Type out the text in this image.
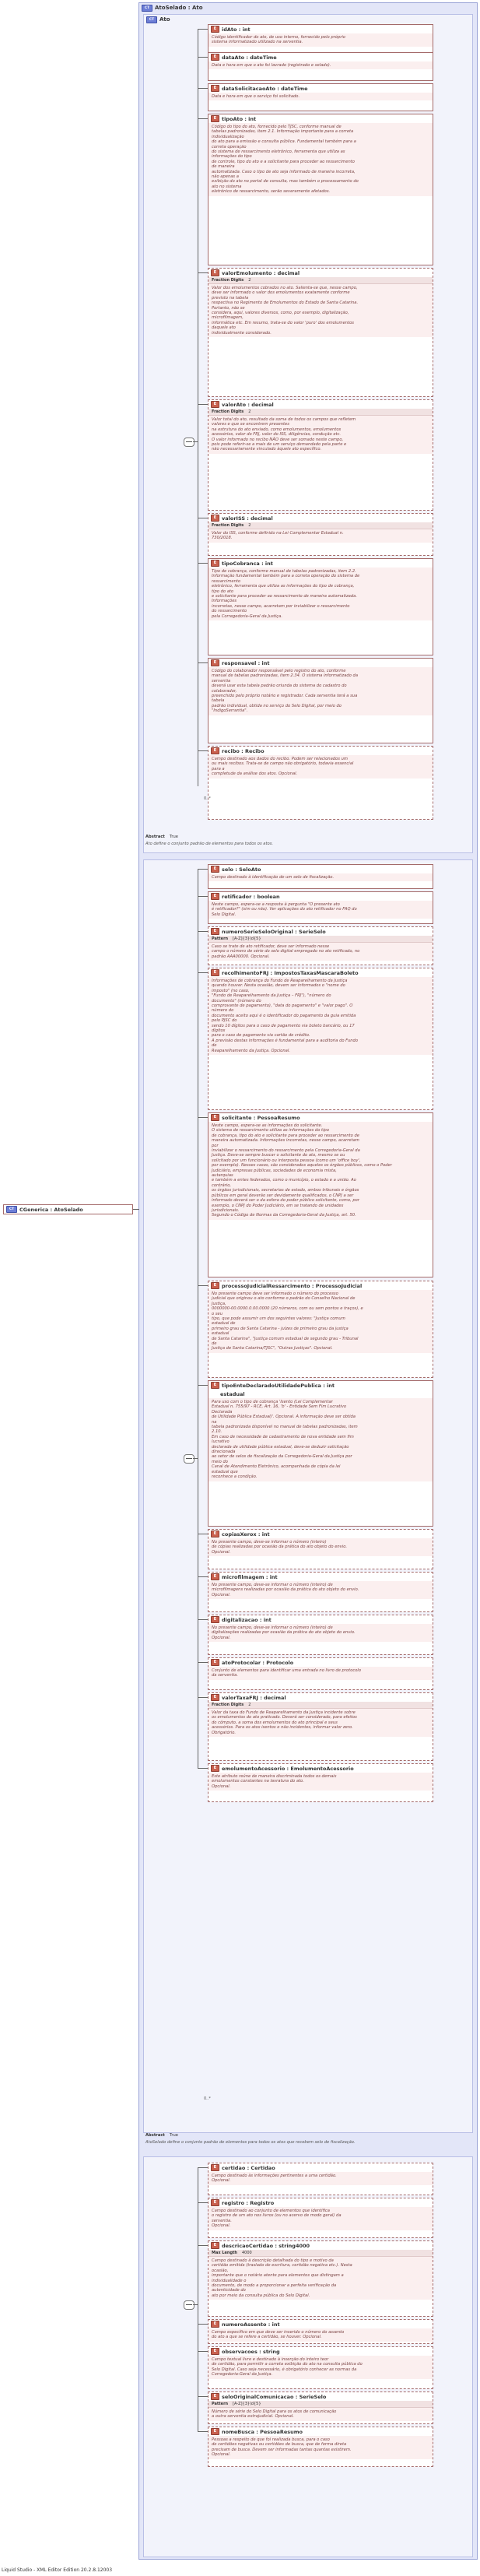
CT AtoSelado : Ato
CT Ato
Abstract True
Ato define o conjunto padrão de elementos para todos os atos.
CT	CGenerica : AtoSelado
Abstract True
AtoSelado define o conjunto padrão de elementos para todos os atos que recebem selo de fiscalização.
E	idAto : int
Código identificador do ato, de uso interno, fornecido pelo próprio
sistema informatizado utilizado na serventia.
E	dataAto : dateTime
Data e hora em que o ato foi lavrado (registrado e selado).
E	dataSolicitacaoAto : dateTime
Data e hora em que o serviço foi solicitado.
E	tipoAto : int
Código do tipo do ato, fornecido pelo TJSC, conforme manual de
tabelas padronizadas, item 2.1. Informação importante para a correta
individualização
do ato para a emissão e consulta pública. Fundamental também para a
correta operação
do sistema de ressarcimento eletrônico, ferramenta que utiliza as
informações do tipo
de controle, tipo do ato e a solicitante para proceder ao ressarcimento
de maneira
automatizada. Caso o tipo de ato seja informado de maneira incorreta,
não apenas a
exibição do ato no portal de consulta, mas também o processamento do
ato no sistema
eletrônico de ressarcimento, serão severamente afetados.
E	valorEmolumento : decimal
Fraction Digits 2
Valor dos emolumentos cobrados no ato. Salienta-se que, nesse campo,
deve ser informado o valor dos emolumentos exatamente conforme
previsto na tabela
respectiva no Regimento de Emolumentos do Estado de Santa Catarina.
Portanto, não se
considera, aqui, valores diversos, como, por exemplo, digitalização,
microfilmagem,
informática etc. Em resumo, trata-se do valor 'puro' dos emolumentos
daquele ato
individualmente considerado.
E	valorAto : decimal
Fraction Digits 2
Valor total do ato, resultado da soma de todos os campos que refletem
valores e que se encontrem presentes
na estrutura do ato enviado, como emolumentos, emolumentos
acessórios, valor do FRJ, valor do ISS, diligências, condução etc.
O valor informado no recibo NÃO deve ser somado neste campo,
pois pode referir-se a mais de um serviço demandado pela parte e
não necessariamente vinculado àquele ato específico.
E	valorISS : decimal
Fraction Digits 2
Valor do ISS, conforme definido na Lei Complementar Estadual n.
730/2018.
E	tipoCobranca : int
Tipo de cobrança, conforme manual de tabelas padronizadas, item 2.2.
Informação fundamental também para a correta operação do sistema de
ressarcimento
eletrônico, ferramenta que utiliza as informações do tipo de cobrança,
tipo do ato
e solicitante para proceder ao ressarcimento de maneira automatizada.
Informações
incorretas, nesse campo, acarretam por inviabilizar o ressarcimento
do ressarcimento
pela Corregedoria-Geral da Justiça.
E	responsavel : int
Código do colaborador responsável pelo registro do ato, conforme
manual de tabelas padronizadas, item 2.34. O sistema informatizado da
serventia
deverá usar esta tabela padrão oriunda do sistema do cadastro do
colaborador,
preenchido pelo próprio notário e registrador. Cada serventia terá a sua
tabela
padrão individual, obtida no serviço do Selo Digital, por meio do
"IndigoSerrantia".
E	recibo : Recibo
Campo destinado aos dados do recibo. Podem ser relacionados um
ou mais recibos. Trata-se de campo não obrigatório, todavia essencial
para a
completude da análise dos atos. Opcional.
E	selo : SeloAto
Campo destinado à identificação de um selo de fiscalização.
E	retificador : boolean
Neste campo, espera-se a resposta à pergunta "O presente ato
é retificador?" (sim ou não). Ver aplicações do ato retificador no FAQ do
Selo Digital.
E	numeroSerieSeloOriginal : SerieSelo
Pattern [A-Z]{3}\d{5}
Caso se trate de ato retificador, deve ser informado nesse
campo o número de série do selo digital empregado no ato retificado, no
padrão AAA00000. Opcional.
E	recolhimentoFRJ : ImpostosTaxasMascaraBoleto
Informações de cobrança do Fundo de Reaparelhamento da Justiça
quando houver. Nesta ocasião, devem ser informados o "nome do
imposto" (no caso,
"Fundo de Reaparelhamento da Justiça – FRJ"), "número do
documento" (número do
comprovante de pagamento), "data do pagamento" e "valor pago". O
número do
documento aceito aqui é o identificador do pagamento da guia emitida
pelo PJSC do
sendo 10 dígitos para o caso de pagamento via boleto bancário, ou 17
dígitos
para o caso de pagamento via cartão de crédito.
A previsão destas informações é fundamental para a auditoria do Fundo
de
Reaparelhamento da Justiça. Opcional.
E	solicitante : PessoaResumo
Neste campo, espera-se as informações do solicitante.
O sistema de ressarcimento utiliza as informações do tipo
de cobrança, tipo do ato e solicitante para proceder ao ressarcimento de
maneira automatizada. Informações incorretas, nesse campo, acarretam
por
inviabilizar o ressarcimento do ressarcimento pela Corregedoria-Geral da
Justiça. Deve-se sempre buscar o solicitante do ato, mesmo se ou
solicitado por um funcionário ou interposta pessoa (como um 'office boy',
por exemplo). Nesses casos, são considerados aqueles os órgãos públicos, como o Poder
Judiciário, empresas públicas, sociedades de economia mista,
autarquias
e também a entes federados, como o município, o estado e a união. Ao
contrário,
os órgãos jurisdicionais, secretarias de estado, ambos tribunais e órgãos
públicos em geral deverão ser devidamente qualificados, o CNPJ a ser
informado deverá ser o da esfera do poder público solicitante, como, por
exemplo, o CNPJ do Poder Judiciário, em se tratando de unidades
jurisdicionais.
Segundo o Código de Normas da Corregedoria-Geral da Justiça, art. 50.
E	processoJudicialRessarcimento : ProcessoJudicial
No presente campo deve ser informado o número do processo
judicial que originou o ato conforme o padrão do Conselho Nacional de
Justiça,
0000000-00.0000.0.00.0000 (20 números, com ou sem pontos e traços), e
o seu
tipo, que pode assumir um dos seguintes valores: "Justiça comum
estadual de
primeiro grau de Santa Catarina - juízes de primeiro grau da justiça
estadual
de Santa Catarina", "Justiça comum estadual de segundo grau - Tribunal
de
Justiça de Santa Catarina/TJSC", "Outras Justiças". Opcional.
E	tipoEnteDeclaradoUtilidadePublica : int
estadual
Para uso com o tipo de cobrança 'Isento (Lei Complementar
Estadual n. 755/97 - RCE, Art. 16, 'b' - Entidade Sem Fim Lucrativo
Declarada
de Utilidade Pública Estadual)'. Opcional. A informação deve ser obtida
na
tabela padronizada disponível no manual de tabelas padronizadas, item
2.10.
Em caso de necessidade de cadastramento de nova entidade sem fim
lucrativo
declarada de utilidade pública estadual, deve-se deduzir solicitação
direcionada
ao setor de selos de fiscalização da Corregedoria-Geral da Justiça por
meio do
Canal de Atendimento Eletrônico, acompanhada de cópia da lei
estadual que
reconhece a condição.
E	copiasXerox : int
No presente campo, deve-se informar o número (inteiro)
de cópias realizadas por ocasião da prática do ato objeto do envio.
Opcional.
E	microfilmagem : int
No presente campo, deve-se informar o número (inteiro) de
microfilmagens realizadas por ocasião da prática do ato objeto do envio.
Opcional.
E	digitalizacao : int
No presente campo, deve-se informar o número (inteiro) de
digitalizações realizadas por ocasião da prática do ato objeto do envio.
Opcional.
E	atoProtocolar : Protocolo
Conjunto de elementos para identificar uma entrada no livro de protocolo
da serventia.
E	valorTaxaFRJ : decimal
Fraction Digits 2
Valor da taxa do Fundo de Reaparelhamento da Justiça incidente sobre
os emolumentos do ato praticado. Deverá ser considerado, para efeitos
do cômputo, a soma dos emolumentos do ato principal e seus
acessórios. Para os atos isentos e não incidentes, informar valor zero.
Obrigatório.
E	emolumentoAcessorio : EmolumentoAcessorio
Este atributo reúne de maneira discriminada todos os demais
emolumentos constantes na lavratura do ato.
Opcional.
E	certidao : Certidao
Campo destinado às informações pertinentes a uma certidão.
Opcional.
E	registro : Registro
Campo destinado ao conjunto de elementos que identifica
o registro de um ato nos livros (ou no acervo de modo geral) da
serventia.
Opcional.
E	descricaoCertidao : string4000
Max Length 4000
Campo destinado à descrição detalhada do tipo e motivo da
certidão emitida (traslado de escritura, certidão negativa etc.). Nesta
ocasião,
importante que o notário atente para elementos que distingam a
individualidade o
documento, de modo a proporcionar a perfeita verificação da
autenticidade do
ato por meio da consulta pública do Selo Digital.
E	numeroAssento : int
Campo específico em que deve ser inserido o número do assento
do ato a que se refere a certidão, se houver. Opcional.
E	observacoes : string
Campo textual livre e destinado à inserção do inteiro teor
de certidão, para permitir a correta exibição do ato na consulta pública do
Selo Digital. Caso seja necessário, é obrigatório conhecer as normas da
Corregedoria-Geral da Justiça.
E	seloOriginalComunicacao : SerieSelo
Pattern [A-Z]{3}\d{5}
Número de série do Selo Digital para os atos de comunicação
a outra serventia extrajudicial. Opcional.
E	nomeBusca : PessoaResumo
Pessoas a respeito de que foi realizada busca, para o caso
de certidões negativas ou certidões de busca, que de forma direta
precisam de busca. Devem ser informadas tantas quantas existirem.
Opcional.
0..*
0..*
Liquid Studio - XML Editor Edition 20.2.8.12003
